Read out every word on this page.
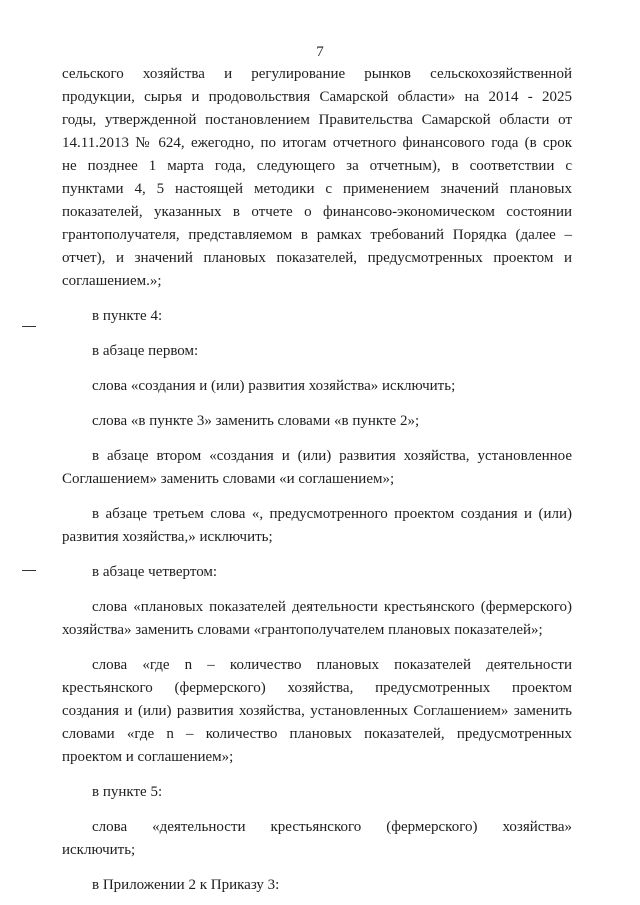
7
сельского хозяйства и регулирование рынков сельскохозяйственной
продукции, сырья и продовольствия Самарской области» на 2014 - 2025
годы, утвержденной постановлением Правительства Самарской области от
14.11.2013 № 624, ежегодно, по итогам отчетного финансового года (в срок
не позднее 1 марта года, следующего за отчетным), в соответствии с
пунктами 4, 5 настоящей методики с применением значений плановых
показателей, указанных в отчете о финансово-экономическом состоянии
грантополучателя, представляемом в рамках требований Порядка (далее –
отчет), и значений плановых показателей, предусмотренных проектом и
соглашением.»;
в пункте 4:
в абзаце первом:
слова «создания и (или) развития хозяйства» исключить;
слова «в пункте 3» заменить словами «в пункте 2»;
в абзаце втором «создания и (или) развития хозяйства, установленное
Соглашением» заменить словами «и соглашением»;
в абзаце третьем слова «, предусмотренного проектом создания и (или)
развития хозяйства,» исключить;
в абзаце четвертом:
слова «плановых показателей деятельности крестьянского (фермерского)
хозяйства» заменить словами «грантополучателем плановых показателей»;
слова «где n – количество плановых показателей деятельности
крестьянского (фермерского) хозяйства, предусмотренных проектом
создания и (или) развития хозяйства, установленных Соглашением» заменить
словами «где n – количество плановых показателей, предусмотренных
проектом и соглашением»;
в пункте 5:
слова «деятельности крестьянского (фермерского) хозяйства»
исключить;
в Приложении 2 к Приказу 3:
